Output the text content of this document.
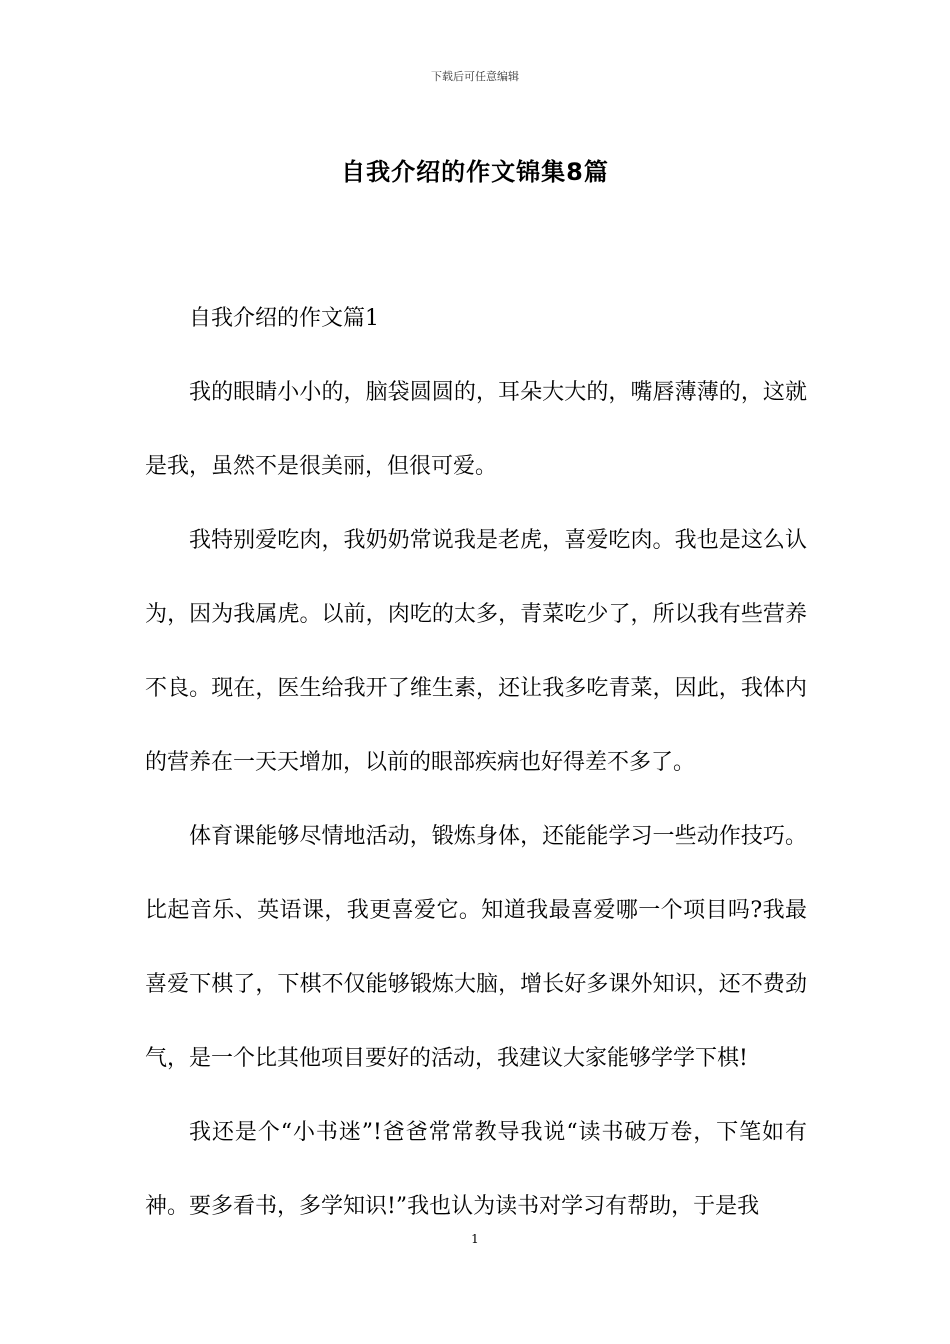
下载后可任意编辑
自我介绍的作文锦集8篇

自我介绍的作文篇1

我的眼睛小小的，脑袋圆圆的，耳朵大大的，嘴唇薄薄的，这就是我，虽然不是很美丽，但很可爱。

我特别爱吃肉，我奶奶常说我是老虎，喜爱吃肉。我也是这么认为，因为我属虎。以前，肉吃的太多，青菜吃少了，所以我有些营养不良。现在，医生给我开了维生素，还让我多吃青菜，因此，我体内的营养在一天天增加，以前的眼部疾病也好得差不多了。

体育课能够尽情地活动，锻炼身体，还能能学习一些动作技巧。比起音乐、英语课，我更喜爱它。知道我最喜爱哪一个项目吗?我最喜爱下棋了，下棋不仅能够锻炼大脑，增长好多课外知识，还不费劲气，是一个比其他项目要好的活动，我建议大家能够学学下棋!

我还是个“小书迷”!爸爸常常教导我说“读书破万卷，下笔如有神。要多看书，多学知识!”我也认为读书对学习有帮助，于是我

1
